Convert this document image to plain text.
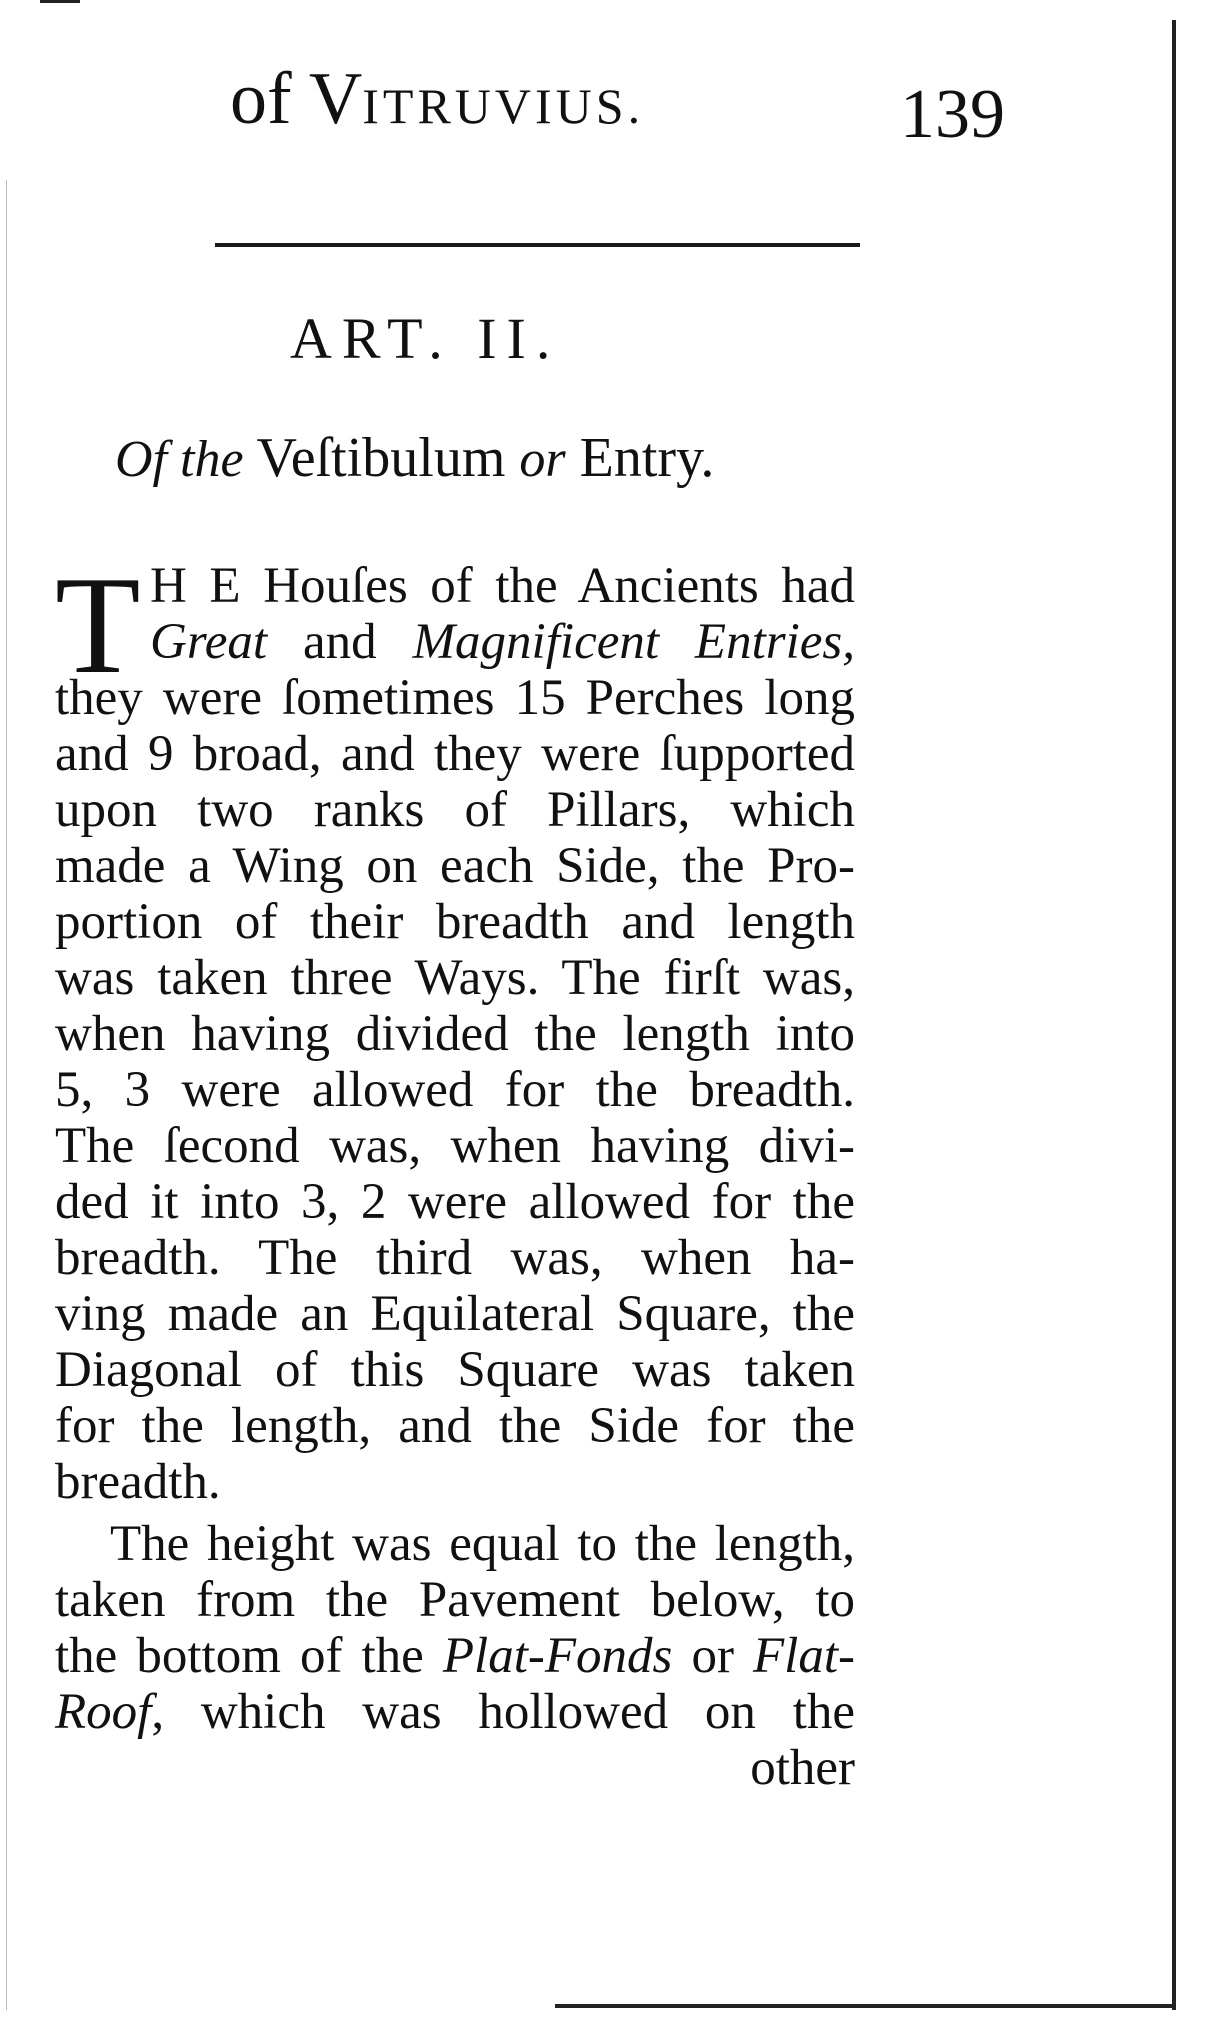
of VITRUVIUS.	139
ART. II.
Of the Veſtibulum or Entry.
T H E Houſes of the Ancients had
Great and Magnificent Entries,
they were ſometimes 15 Perches long
and 9 broad, and they were ſupported
upon two ranks of Pillars, which
made a Wing on each Side, the Pro-
portion of their breadth and length
was taken three Ways. The firſt was,
when having divided the length into
5, 3 were allowed for the breadth.
The ſecond was, when having divi-
ded it into 3, 2 were allowed for the
breadth. The third was, when ha-
ving made an Equilateral Square, the
Diagonal of this Square was taken
for the length, and the Side for the
breadth.
The height was equal to the length,
taken from the Pavement below, to
the bottom of the Plat-Fonds or Flat-
Roof, which was hollowed on the
other
